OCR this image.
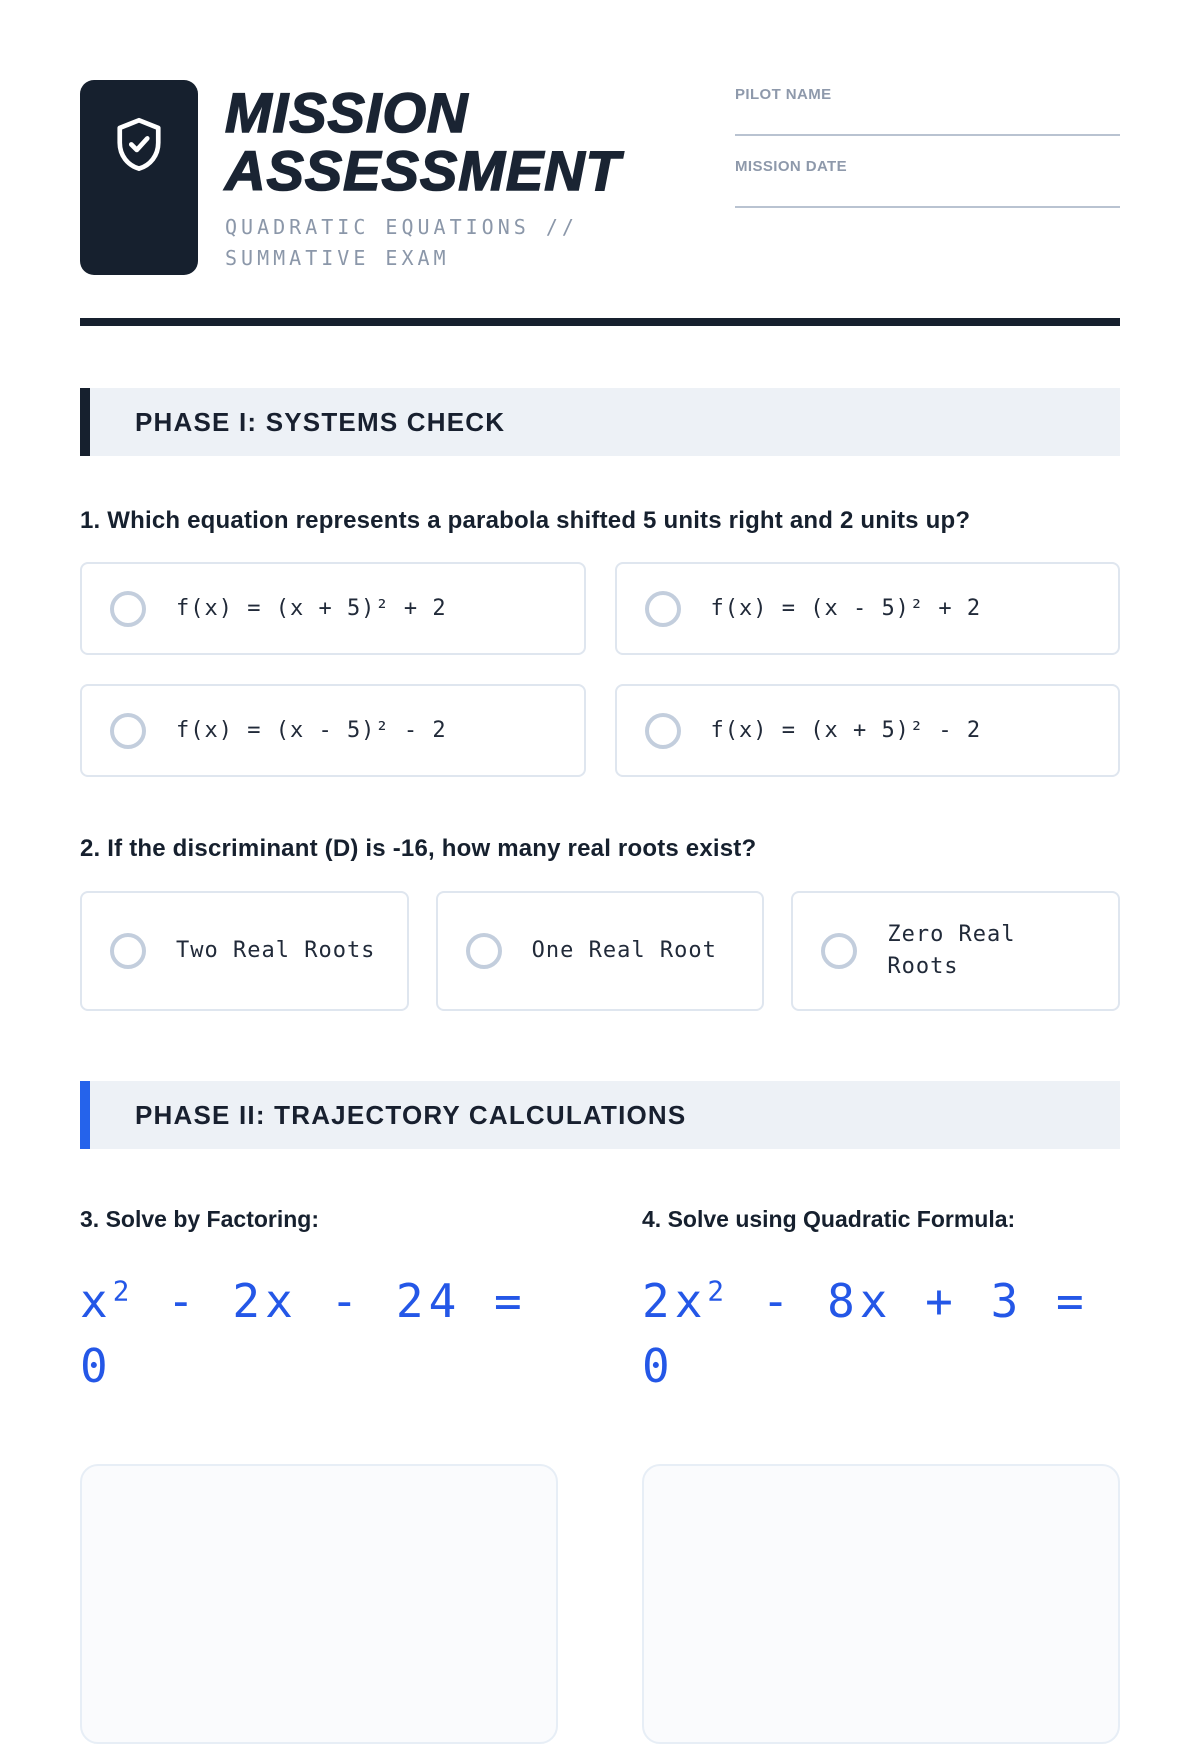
MISSION
ASSESSMENT
QUADRATIC EQUATIONS //
SUMMATIVE EXAM
PILOT NAME
MISSION DATE
PHASE I: SYSTEMS CHECK
1. Which equation represents a parabola shifted 5 units right and 2 units up?
f(x) = (x + 5)² + 2	f(x) = (x - 5)² + 2
f(x) = (x - 5)² - 2	f(x) = (x + 5)² - 2
2. If the discriminant (D) is -16, how many real roots exist?
Two Real Roots	One Real Root
Zero Real Roots
PHASE II: TRAJECTORY CALCULATIONS
3. Solve by Factoring:
$x^2 - 2x - 24 = 0$
4. Solve using Quadratic Formula:
$2x^2 - 8x + 3 = 0$
